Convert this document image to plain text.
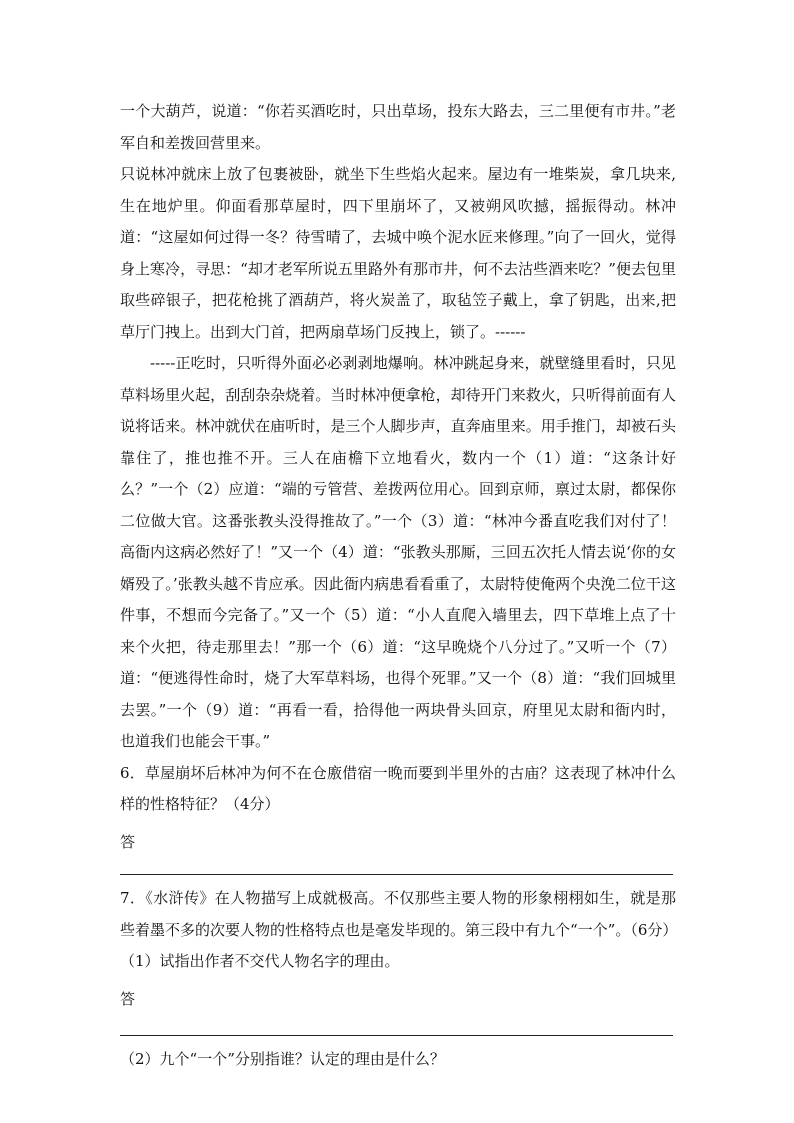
一个大葫芦，说道：“你若买酒吃时，只出草场，投东大路去，三二里便有市井。”老军自和差拨回营里来。

只说林冲就床上放了包裹被卧，就坐下生些焰火起来。屋边有一堆柴炭，拿几块来,生在地炉里。仰面看那草屋时，四下里崩坏了，又被朔风吹撼，摇振得动。林冲道：“这屋如何过得一冬？待雪晴了，去城中唤个泥水匠来修理。”向了一回火，觉得身上寒冷，寻思：“却才老军所说五里路外有那市井，何不去沽些酒来吃？”便去包里取些碎银子，把花枪挑了酒葫芦，将火炭盖了，取毡笠子戴上，拿了钥匙，出来,把草厅门拽上。出到大门首，把两扇草场门反拽上，锁了。------

-----正吃时，只听得外面必必剥剥地爆响。林冲跳起身来，就壁缝里看时，只见草料场里火起，刮刮杂杂烧着。当时林冲便拿枪，却待开门来救火，只听得前面有人说将话来。林冲就伏在庙听时，是三个人脚步声，直奔庙里来。用手推门，却被石头靠住了，推也推不开。三人在庙檐下立地看火，数内一个（1）道：“这条计好么？”一个（2）应道：“端的亏管营、差拨两位用心。回到京师，禀过太尉，都保你二位做大官。这番张教头没得推故了。”一个（3）道：“林冲今番直吃我们对付了！高衙内这病必然好了！”又一个（4）道：“张教头那厮，三回五次托人情去说‘你的女婿殁了。’张教头越不肯应承。因此衙内病患看看重了，太尉特使俺两个央浼二位干这件事，不想而今完备了。”又一个（5）道：“小人直爬入墙里去，四下草堆上点了十来个火把，待走那里去！”那一个（6）道：“这早晚烧个八分过了。”又听一个（7）道：“便逃得性命时，烧了大军草料场，也得个死罪。”又一个（8）道：“我们回城里去罢。”一个（9）道：“再看一看，拾得他一两块骨头回京，府里见太尉和衙内时，也道我们也能会干事。”

6．草屋崩坏后林冲为何不在仓廒借宿一晚而要到半里外的古庙？这表现了林冲什么样的性格特征？（4分）

答

7．《水浒传》在人物描写上成就极高。不仅那些主要人物的形象栩栩如生，就是那些着墨不多的次要人物的性格特点也是毫发毕现的。第三段中有九个“一个”。（6分）

（1）试指出作者不交代人物名字的理由。

答

（2）九个“一个”分别指谁？认定的理由是什么？
